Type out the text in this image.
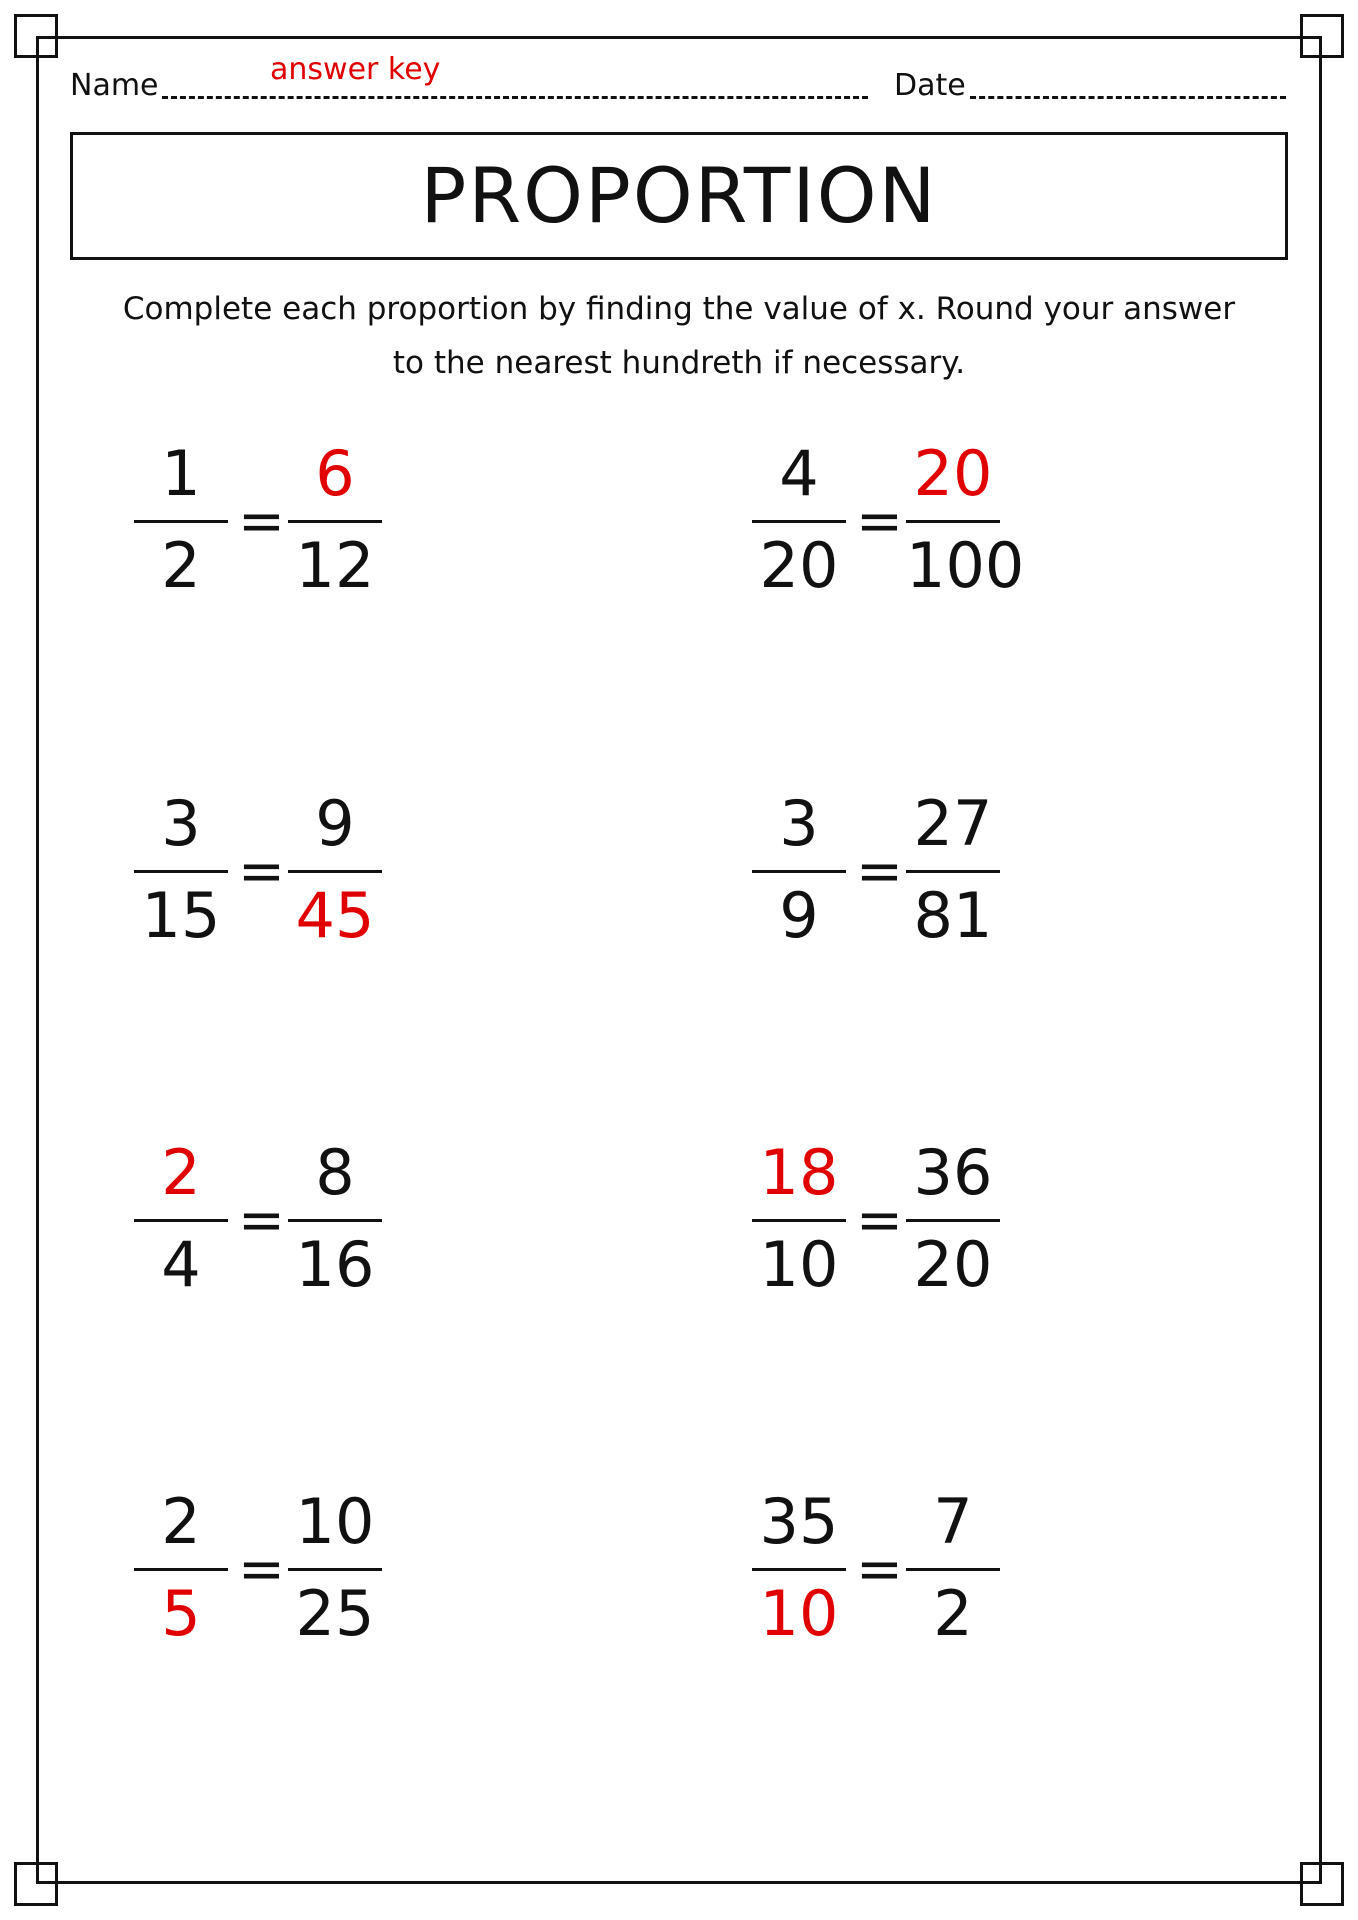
Name	answer key	Date
PROPORTION
Complete each proportion by finding the value of x. Round your answer to the nearest hundreth if necessary.
1
2
=
6
12
4
20
=
20
100
3
15
=
9
45
3
9
=
27
81
2
4
=
8
16
18
10
=
36
20
2
5
=
10
25
35
10
=
7
2
